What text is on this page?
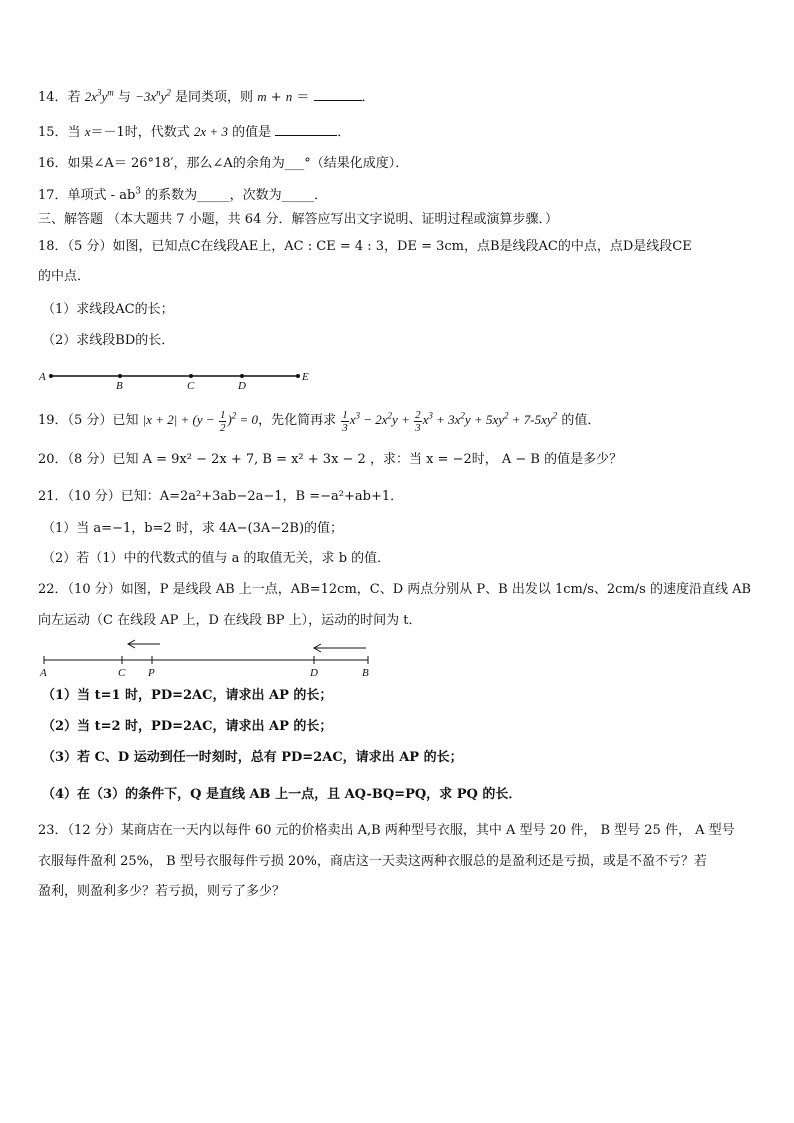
14．若 $2x^3y^m$ 与 $-3x^ny^2$ 是同类项，则 m + n ＝	．
15．当 x＝－1时，代数式 2x + 3 的值是	．
16．如果∠A＝ 26°18′，那么∠A的余角为___°（结果化成度）．
17．单项式 - $ab^3$ 的系数为_____，次数为_____．
三、解答题 （本大题共 7 小题，共 64 分．解答应写出文字说明、证明过程或演算步骤．）
18．（5 分）如图，已知点C在线段AE上，AC : CE = 4 : 3，DE = 3cm，点B是线段AC的中点，点D是线段CE
的中点．
（1）求线段AC的长；
（2）求线段BD的长．
A
B	C	D
E
19．（5 分）已知 $|x + 2| + (y - \frac{1}{2} )^2 = 0$，先化简再求 $\frac{1}{3} x^3 - 2x^2y + \frac{2}{3} x^3 + 3x^2y + 5xy^2 + 7-5xy^2$ 的值．
20．（8 分）已知 A = 9x² − 2x + 7, B = x² + 3x − 2 ，求：当 x = −2时， A − B 的值是多少？
21．（10 分）已知：A=2a²+3ab−2a−1，B =−a²+ab+1．
（1）当 a=−1，b=2 时，求 4A−(3A−2B)的值；
（2）若（1）中的代数式的值与 a 的取值无关，求 b 的值．
22．（10 分）如图，P 是线段 AB 上一点，AB=12cm，C、D 两点分别从 P、B 出发以 1cm/s、2cm/s 的速度沿直线 AB
向左运动（C 在线段 AP 上，D 在线段 BP 上），运动的时间为 t．
A	C P	D	B
（1）当 t=1 时，PD=2AC，请求出 AP 的长；
（2）当 t=2 时，PD=2AC，请求出 AP 的长；
（3）若 C、D 运动到任一时刻时，总有 PD=2AC，请求出 AP 的长；
（4）在（3）的条件下，Q 是直线 AB 上一点，且 AQ-BQ=PQ，求 PQ 的长．
23．（12 分）某商店在一天内以每件 60 元的价格卖出 A,B 两种型号衣服，其中 A 型号 20 件， B 型号 25 件， A 型号
衣服每件盈利 25%， B 型号衣服每件亏损 20%，商店这一天卖这两种衣服总的是盈利还是亏损，或是不盈不亏？若
盈利，则盈利多少？若亏损，则亏了多少？
